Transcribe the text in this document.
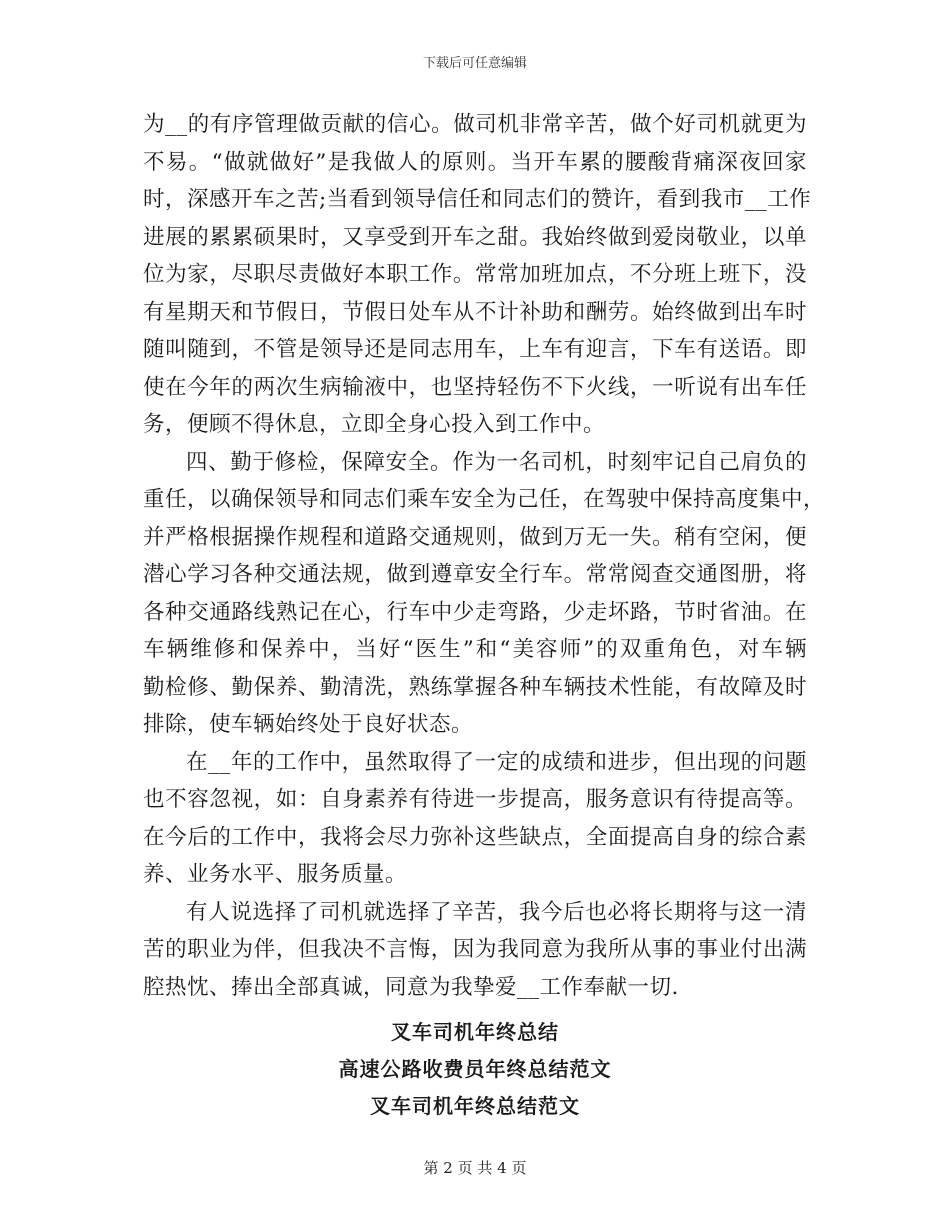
下载后可任意编辑
为__的有序管理做贡献的信心。做司机非常辛苦，做个好司机就更为
不易。“做就做好”是我做人的原则。当开车累的腰酸背痛深夜回家
时，深感开车之苦;当看到领导信任和同志们的赞许，看到我市__工作
进展的累累硕果时，又享受到开车之甜。我始终做到爱岗敬业，以单
位为家，尽职尽责做好本职工作。常常加班加点，不分班上班下，没
有星期天和节假日，节假日处车从不计补助和酬劳。始终做到出车时
随叫随到，不管是领导还是同志用车，上车有迎言，下车有送语。即
使在今年的两次生病输液中，也坚持轻伤不下火线，一听说有出车任
务，便顾不得休息，立即全身心投入到工作中。
四、勤于修检，保障安全。作为一名司机，时刻牢记自己肩负的
重任，以确保领导和同志们乘车安全为己任，在驾驶中保持高度集中，
并严格根据操作规程和道路交通规则，做到万无一失。稍有空闲，便
潜心学习各种交通法规，做到遵章安全行车。常常阅查交通图册，将
各种交通路线熟记在心，行车中少走弯路，少走坏路，节时省油。在
车辆维修和保养中，当好“医生”和“美容师”的双重角色，对车辆
勤检修、勤保养、勤清洗，熟练掌握各种车辆技术性能，有故障及时
排除，使车辆始终处于良好状态。
在__年的工作中，虽然取得了一定的成绩和进步，但出现的问题
也不容忽视，如：自身素养有待进一步提高，服务意识有待提高等。
在今后的工作中，我将会尽力弥补这些缺点，全面提高自身的综合素
养、业务水平、服务质量。
有人说选择了司机就选择了辛苦，我今后也必将长期将与这一清
苦的职业为伴，但我决不言悔，因为我同意为我所从事的事业付出满
腔热忱、捧出全部真诚，同意为我挚爱__工作奉献一切.
叉车司机年终总结
高速公路收费员年终总结范文
叉车司机年终总结范文
第 2 页 共 4 页
